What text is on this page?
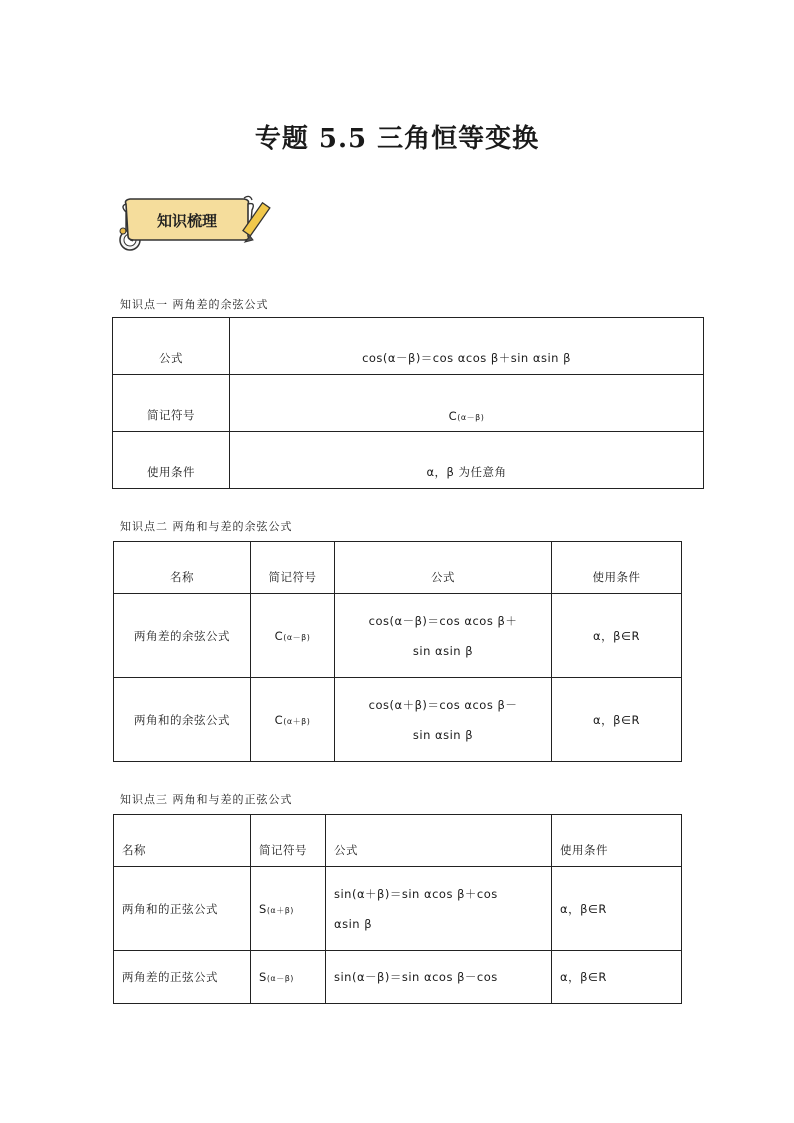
专题 5.5 三角恒等变换
知识梳理
知识点一 两角差的余弦公式
公式	cos(α－β)＝cos αcos β＋sin αsin β
简记符号	C(α－β)
使用条件	α，β 为任意角
知识点二 两角和与差的余弦公式
名称	简记符号	公式	使用条件
两角差的余弦公式	C(α－β)	cos(α－β)＝cos αcos β＋
sin αsin β	α，β∈R
两角和的余弦公式	C(α＋β)	cos(α＋β)＝cos αcos β－
sin αsin β	α，β∈R
知识点三 两角和与差的正弦公式
名称	简记符号	公式	使用条件
两角和的正弦公式	S(α＋β)	sin(α＋β)＝sin αcos β＋cos
αsin β	α，β∈R
两角差的正弦公式	S(α－β)	sin(α－β)＝sin αcos β－cos	α，β∈R
